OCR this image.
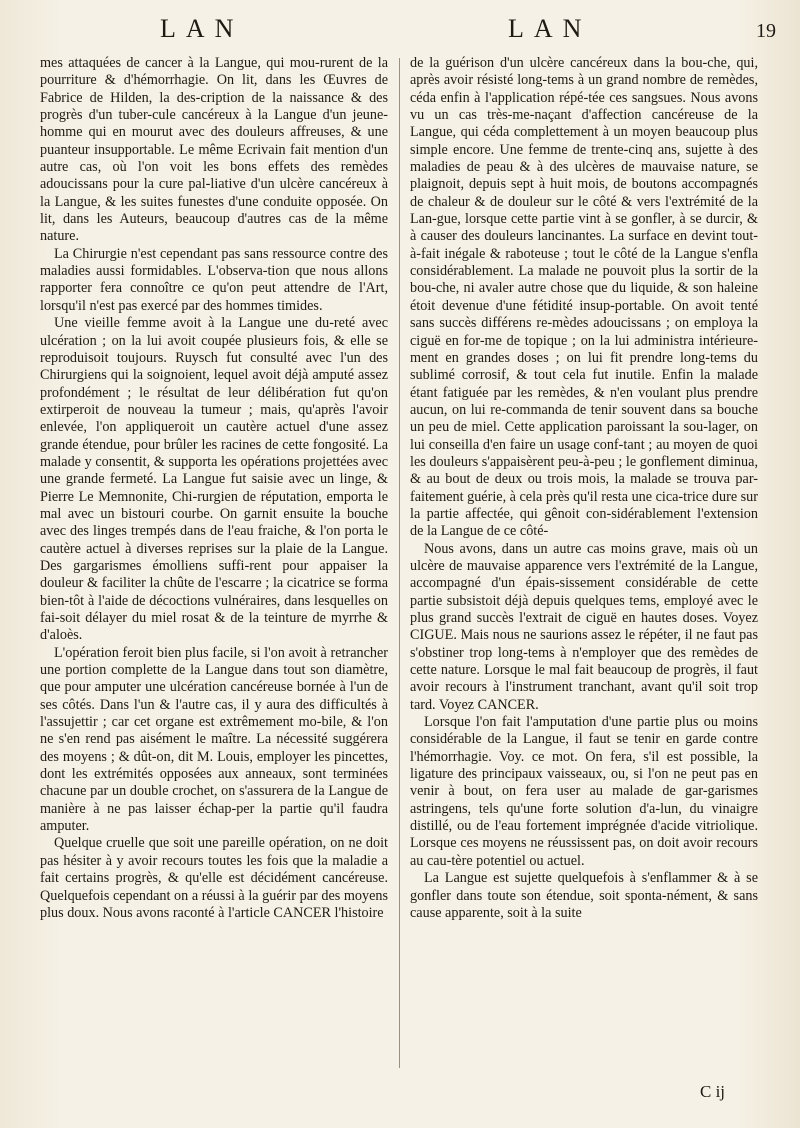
LAN	LAN	19

mes attaquées de cancer à la Langue, qui mou-rurent de la pourriture & d'hémorrhagie. On lit, dans les Œuvres de Fabrice de Hilden, la des-cription de la naissance & des progrès d'un tuber-cule cancéreux à la Langue d'un jeune-homme qui en mourut avec des douleurs affreuses, & une puanteur insupportable. Le même Ecrivain fait mention d'un autre cas, où l'on voit les bons effets des remèdes adoucissans pour la cure pal-liative d'un ulcère cancéreux à la Langue, & les suites funestes d'une conduite opposée. On lit, dans les Auteurs, beaucoup d'autres cas de la même nature.

La Chirurgie n'est cependant pas sans ressource contre des maladies aussi formidables. L'observa-tion que nous allons rapporter fera connoître ce qu'on peut attendre de l'Art, lorsqu'il n'est pas exercé par des hommes timides.

Une vieille femme avoit à la Langue une du-reté avec ulcération ; on la lui avoit coupée plusieurs fois, & elle se reproduisoit toujours. Ruysch fut consulté avec l'un des Chirurgiens qui la soignoient, lequel avoit déjà amputé assez profondément ; le résultat de leur délibération fut qu'on extirperoit de nouveau la tumeur ; mais, qu'après l'avoir enlevée, l'on appliqueroit un cautère actuel d'une assez grande étendue, pour brûler les racines de cette fongosité. La malade y consentit, & supporta les opérations projettées avec une grande fermeté. La Langue fut saisie avec un linge, & Pierre Le Memnonite, Chi-rurgien de réputation, emporta le mal avec un bistouri courbe. On garnit ensuite la bouche avec des linges trempés dans de l'eau fraiche, & l'on porta le cautère actuel à diverses reprises sur la plaie de la Langue. Des gargarismes émolliens suffi-rent pour appaiser la douleur & faciliter la chûte de l'escarre ; la cicatrice se forma bien-tôt à l'aide de décoctions vulnéraires, dans lesquelles on fai-soit délayer du miel rosat & de la teinture de myrrhe & d'aloès.

L'opération feroit bien plus facile, si l'on avoit à retrancher une portion complette de la Langue dans tout son diamètre, que pour amputer une ulcération cancéreuse bornée à l'un de ses côtés. Dans l'un & l'autre cas, il y aura des difficultés à l'assujettir ; car cet organe est extrêmement mo-bile, & l'on ne s'en rend pas aisément le maître. La nécessité suggérera des moyens ; & dût-on, dit M. Louis, employer les pincettes, dont les extrémités opposées aux anneaux, sont terminées chacune par un double crochet, on s'assurera de la Langue de manière à ne pas laisser échap-per la partie qu'il faudra amputer.

Quelque cruelle que soit une pareille opération, on ne doit pas hésiter à y avoir recours toutes les fois que la maladie a fait certains progrès, & qu'elle est décidément cancéreuse. Quelquefois cependant on a réussi à la guérir par des moyens plus doux. Nous avons raconté à l'article CANCER l'histoire

de la guérison d'un ulcère cancéreux dans la bou-che, qui, après avoir résisté long-tems à un grand nombre de remèdes, céda enfin à l'application répé-tée ces sangsues. Nous avons vu un cas très-me-naçant d'affection cancéreuse de la Langue, qui céda complettement à un moyen beaucoup plus simple encore. Une femme de trente-cinq ans, sujette à des maladies de peau & à des ulcères de mauvaise nature, se plaignoit, depuis sept à huit mois, de boutons accompagnés de chaleur & de douleur sur le côté & vers l'extrémité de la Lan-gue, lorsque cette partie vint à se gonfler, à se durcir, & à causer des douleurs lancinantes. La surface en devint tout-à-fait inégale & raboteuse ; tout le côté de la Langue s'enfla considérablement. La malade ne pouvoit plus la sortir de la bou-che, ni avaler autre chose que du liquide, & son haleine étoit devenue d'une fétidité insup-portable. On avoit tenté sans succès différens re-mèdes adoucissans ; on employa la ciguë en for-me de topique ; on la lui administra intérieure-ment en grandes doses ; on lui fit prendre long-tems du sublimé corrosif, & tout cela fut inutile. Enfin la malade étant fatiguée par les remèdes, & n'en voulant plus prendre aucun, on lui re-commanda de tenir souvent dans sa bouche un peu de miel. Cette application paroissant la sou-lager, on lui conseilla d'en faire un usage conf-tant ; au moyen de quoi les douleurs s'appaisèrent peu-à-peu ; le gonflement diminua, & au bout de deux ou trois mois, la malade se trouva par-faitement guérie, à cela près qu'il resta une cica-trice dure sur la partie affectée, qui gênoit con-sidérablement l'extension de la Langue de ce côté-

Nous avons, dans un autre cas moins grave, mais où un ulcère de mauvaise apparence vers l'extrémité de la Langue, accompagné d'un épais-sissement considérable de cette partie subsistoit déjà depuis quelques tems, employé avec le plus grand succès l'extrait de ciguë en hautes doses. Voyez CIGUE. Mais nous ne saurions assez le répéter, il ne faut pas s'obstiner trop long-tems à n'employer que des remèdes de cette nature. Lorsque le mal fait beaucoup de progrès, il faut avoir recours à l'instrument tranchant, avant qu'il soit trop tard. Voyez CANCER.

Lorsque l'on fait l'amputation d'une partie plus ou moins considérable de la Langue, il faut se tenir en garde contre l'hémorrhagie. Voy. ce mot. On fera, s'il est possible, la ligature des principaux vaisseaux, ou, si l'on ne peut pas en venir à bout, on fera user au malade de gar-garismes astringens, tels qu'une forte solution d'a-lun, du vinaigre distillé, ou de l'eau fortement imprégnée d'acide vitriolique. Lorsque ces moyens ne réussissent pas, on doit avoir recours au cau-tère potentiel ou actuel.

La Langue est sujette quelquefois à s'enflammer & à se gonfler dans toute son étendue, soit sponta-nément, & sans cause apparente, soit à la suite

C ij
